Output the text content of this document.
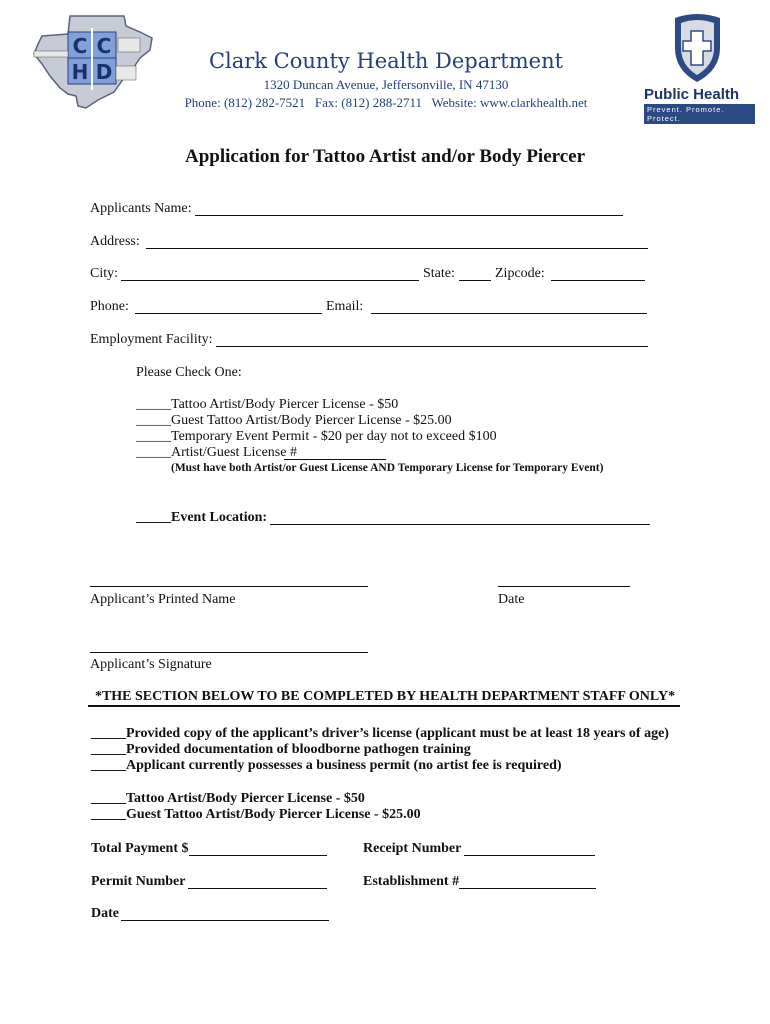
C C
H D	Clark County Health Department
1320 Duncan Avenue, Jeffersonville, IN 47130
Phone: (812) 282-7521   Fax: (812) 288-2711   Website: www.clarkhealth.net	Public Health
Prevent. Promote. Protect.
Application for Tattoo Artist and/or Body Piercer
Applicants Name:
Address:
City:	State:	Zipcode:
Phone:	Email:
Employment Facility:
Please Check One:
_____Tattoo Artist/Body Piercer License - $50
_____Guest Tattoo Artist/Body Piercer License - $25.00
_____Temporary Event Permit - $20 per day not to exceed $100
_____Artist/Guest License #
(Must have both Artist/or Guest License AND Temporary License for Temporary Event)
_____Event Location:
Applicant’s Printed Name	Date
Applicant’s Signature
*THE SECTION BELOW TO BE COMPLETED BY HEALTH DEPARTMENT STAFF ONLY*
_____Provided copy of the applicant’s driver’s license (applicant must be at least 18 years of age)
_____Provided documentation of bloodborne pathogen training
_____Applicant currently possesses a business permit (no artist fee is required)
_____Tattoo Artist/Body Piercer License - $50
_____Guest Tattoo Artist/Body Piercer License - $25.00
Total Payment $	Receipt Number
Permit Number	Establishment #
Date
